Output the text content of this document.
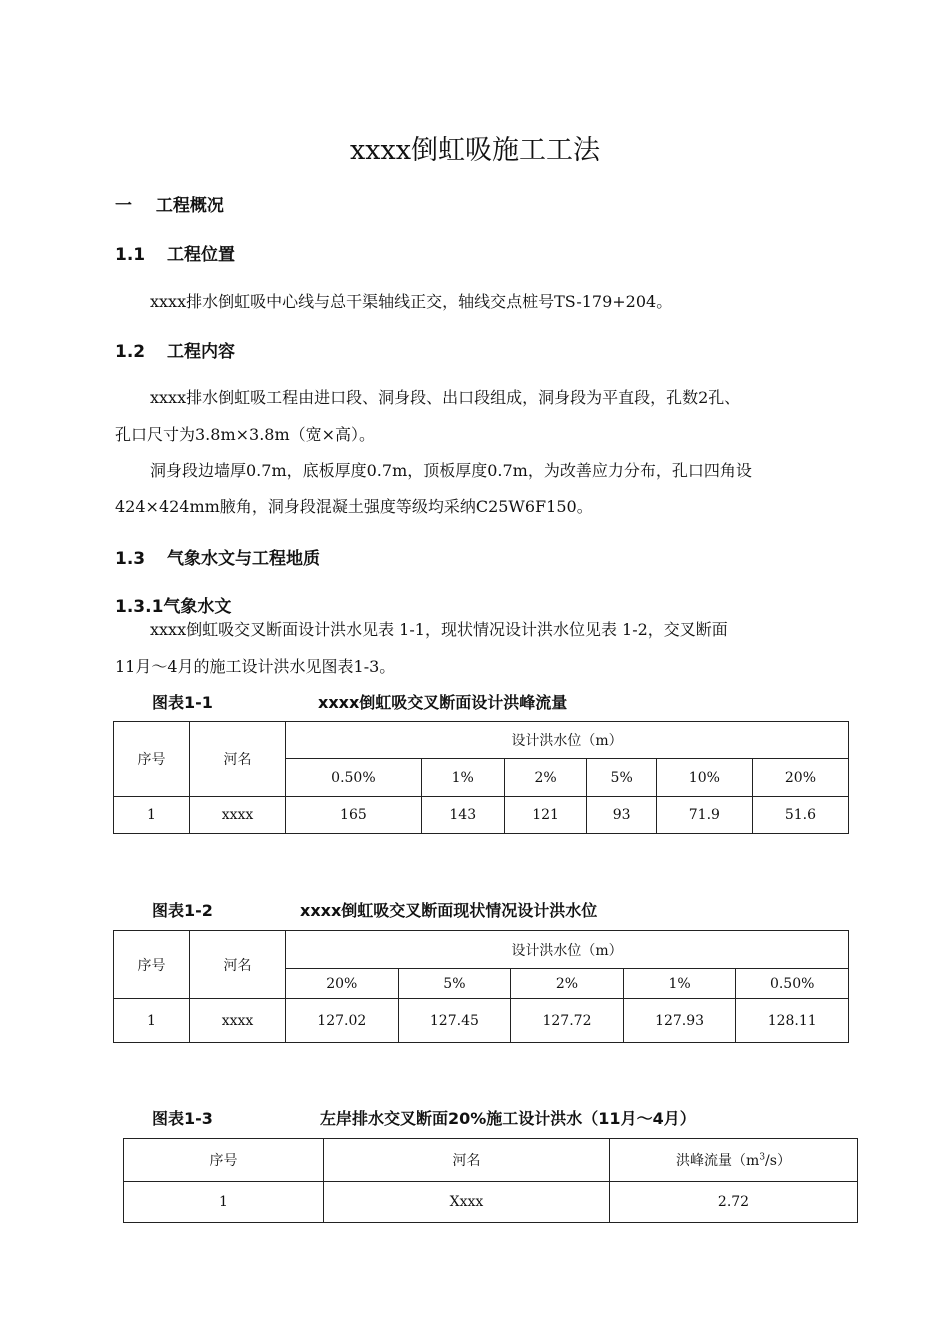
xxxx倒虹吸施工工法
一 工程概况
1.1 工程位置
xxxx排水倒虹吸中心线与总干渠轴线正交，轴线交点桩号TS-179+204。
1.2 工程内容
xxxx排水倒虹吸工程由进口段、洞身段、出口段组成，洞身段为平直段，孔数2孔、
孔口尺寸为3.8m×3.8m（宽×高）。
洞身段边墙厚0.7m，底板厚度0.7m，顶板厚度0.7m，为改善应力分布，孔口四角设
424×424mm腋角，洞身段混凝土强度等级均采纳C25W6F150。
1.3 气象水文与工程地质
1.3.1气象水文
xxxx倒虹吸交叉断面设计洪水见表 1-1，现状情况设计洪水位见表 1-2，交叉断面
11月～4月的施工设计洪水见图表1-3。
图表1-1	xxxx倒虹吸交叉断面设计洪峰流量
序号	河名	设计洪水位（m）					
		0.50%	1%	2%	5%	10%	20%
1	xxxx	165	143	121	93	71.9	51.6
图表1-2	xxxx倒虹吸交叉断面现状情况设计洪水位
序号	河名	设计洪水位（m）				
		20%	5%	2%	1%	0.50%
1	xxxx	127.02	127.45	127.72	127.93	128.11
图表1-3	左岸排水交叉断面20%施工设计洪水（11月～4月）
序号	河名	洪峰流量$(m^3/s)$
1	Xxxx	2.72
